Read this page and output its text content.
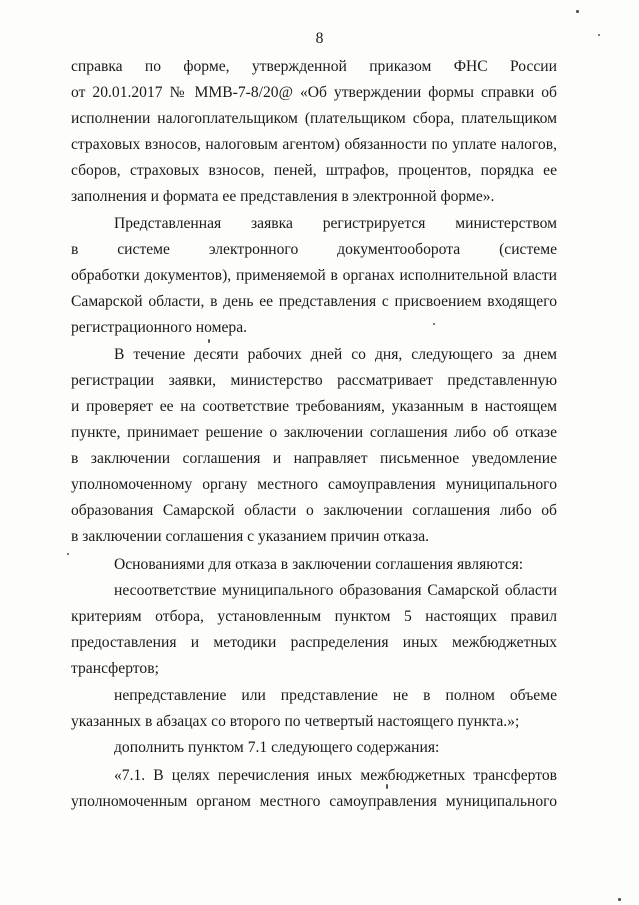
8
справка по форме, утвержденной приказом ФНС России
от 20.01.2017 № ММВ-7-8/20@ «Об утверждении формы справки об
исполнении налогоплательщиком (плательщиком сбора, плательщиком
страховых взносов, налоговым агентом) обязанности по уплате налогов,
сборов, страховых взносов, пеней, штрафов, процентов, порядка ее
заполнения и формата ее представления в электронной форме».
Представленная заявка регистрируется министерством
в системе электронного документооборота (системе
обработки документов), применяемой в органах исполнительной власти
Самарской области, в день ее представления с присвоением входящего
регистрационного номера.
В течение десяти рабочих дней со дня, следующего за днем
регистрации заявки, министерство рассматривает представленную
и проверяет ее на соответствие требованиям, указанным в настоящем
пункте, принимает решение о заключении соглашения либо об отказе
в заключении соглашения и направляет письменное уведомление
уполномоченному органу местного самоуправления муниципального
образования Самарской области о заключении соглашения либо об
в заключении соглашения с указанием причин отказа.
Основаниями для отказа в заключении соглашения являются:
несоответствие муниципального образования Самарской области
критериям отбора, установленным пунктом 5 настоящих правил
предоставления и методики распределения иных межбюджетных
трансфертов;
непредставление или представление не в полном объеме
указанных в абзацах со второго по четвертый настоящего пункта.»;
дополнить пунктом 7.1 следующего содержания:
«7.1. В целях перечисления иных межбюджетных трансфертов
уполномоченным органом местного самоуправления муниципального
